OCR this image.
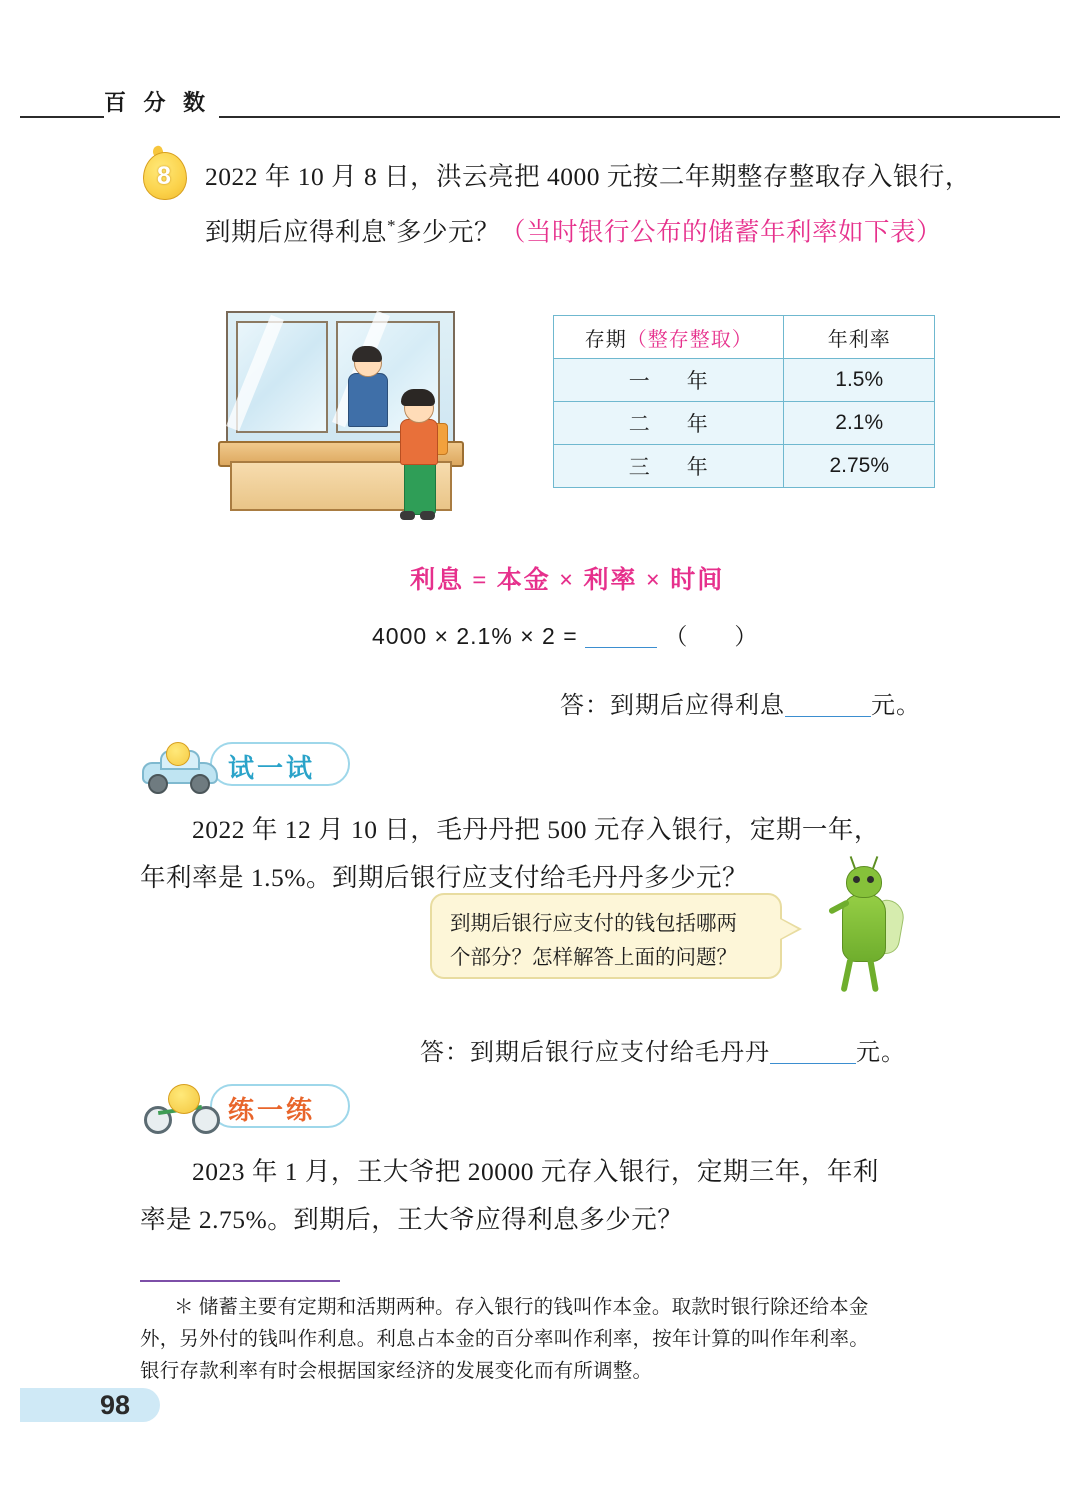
百 分 数
8	2022 年 10 月 8 日，洪云亮把 4000 元按二年期整存整取存入银行，到期后应得利息*多少元？（当时银行公布的储蓄年利率如下表）
存期（整存整取）	年利率
一　年	1.5%
二　年	2.1%
三　年	2.75%
利息 = 本金 × 利率 × 时间
4000 × 2.1% × 2 =	（ ）
答：到期后应得利息	元。
试一试
2022 年 12 月 10 日，毛丹丹把 500 元存入银行，定期一年，
年利率是 1.5%。到期后银行应支付给毛丹丹多少元？
到期后银行应支付的钱包括哪两
个部分？怎样解答上面的问题？
答：到期后银行应支付给毛丹丹	元。
练一练
2023 年 1 月，王大爷把 20000 元存入银行，定期三年，年利
率是 2.75%。到期后，王大爷应得利息多少元？
＊ 储蓄主要有定期和活期两种。存入银行的钱叫作本金。取款时银行除还给本金
外，另外付的钱叫作利息。利息占本金的百分率叫作利率，按年计算的叫作年利率。
银行存款利率有时会根据国家经济的发展变化而有所调整。
98
